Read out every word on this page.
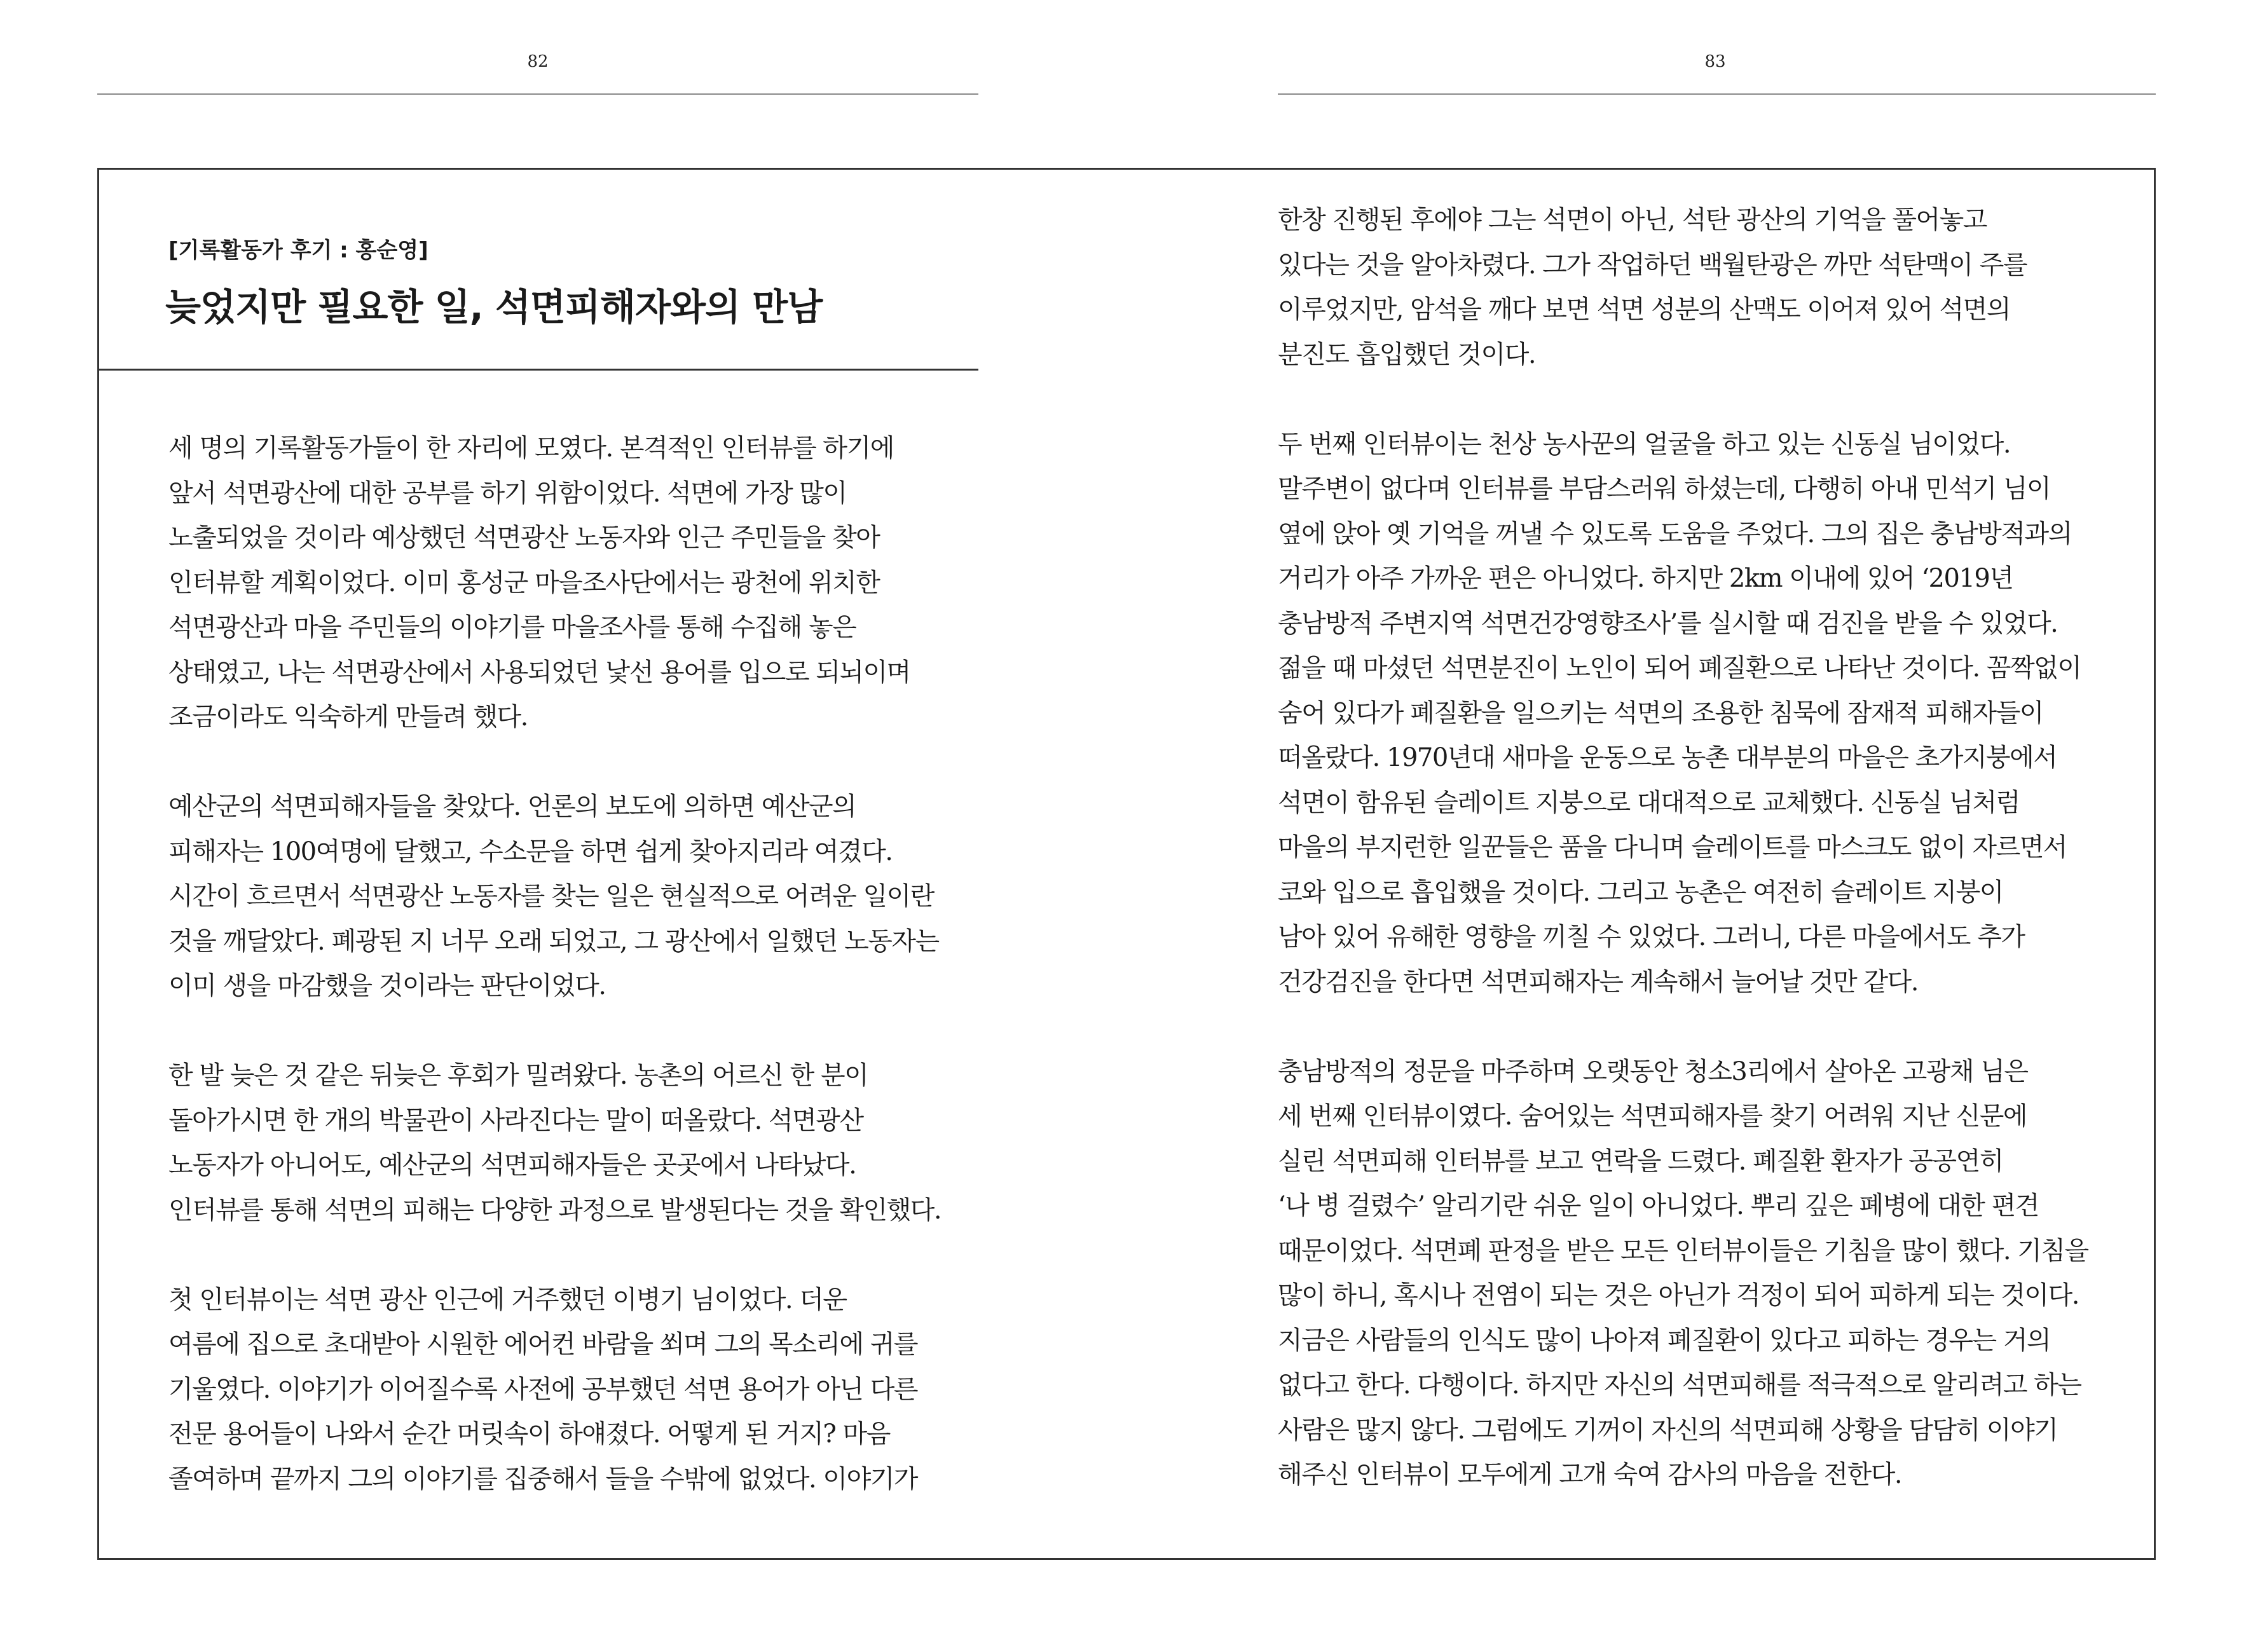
82	83
[기록활동가 후기 : 홍순영]
늦었지만 필요한 일, 석면피해자와의 만남

세 명의 기록활동가들이 한 자리에 모였다. 본격적인 인터뷰를 하기에
앞서 석면광산에 대한 공부를 하기 위함이었다. 석면에 가장 많이
노출되었을 것이라 예상했던 석면광산 노동자와 인근 주민들을 찾아
인터뷰할 계획이었다. 이미 홍성군 마을조사단에서는 광천에 위치한
석면광산과 마을 주민들의 이야기를 마을조사를 통해 수집해 놓은
상태였고, 나는 석면광산에서 사용되었던 낯선 용어를 입으로 되뇌이며
조금이라도 익숙하게 만들려 했다.

예산군의 석면피해자들을 찾았다. 언론의 보도에 의하면 예산군의
피해자는 100여명에 달했고, 수소문을 하면 쉽게 찾아지리라 여겼다.
시간이 흐르면서 석면광산 노동자를 찾는 일은 현실적으로 어려운 일이란
것을 깨달았다. 폐광된 지 너무 오래 되었고, 그 광산에서 일했던 노동자는
이미 생을 마감했을 것이라는 판단이었다.

한 발 늦은 것 같은 뒤늦은 후회가 밀려왔다. 농촌의 어르신 한 분이
돌아가시면 한 개의 박물관이 사라진다는 말이 떠올랐다. 석면광산
노동자가 아니어도, 예산군의 석면피해자들은 곳곳에서 나타났다.
인터뷰를 통해 석면의 피해는 다양한 과정으로 발생된다는 것을 확인했다.

첫 인터뷰이는 석면 광산 인근에 거주했던 이병기 님이었다. 더운
여름에 집으로 초대받아 시원한 에어컨 바람을 쐬며 그의 목소리에 귀를
기울였다. 이야기가 이어질수록 사전에 공부했던 석면 용어가 아닌 다른
전문 용어들이 나와서 순간 머릿속이 하얘졌다. 어떻게 된 거지? 마음
졸여하며 끝까지 그의 이야기를 집중해서 들을 수밖에 없었다. 이야기가

한창 진행된 후에야 그는 석면이 아닌, 석탄 광산의 기억을 풀어놓고
있다는 것을 알아차렸다. 그가 작업하던 백월탄광은 까만 석탄맥이 주를
이루었지만, 암석을 깨다 보면 석면 성분의 산맥도 이어져 있어 석면의
분진도 흡입했던 것이다.

두 번째 인터뷰이는 천상 농사꾼의 얼굴을 하고 있는 신동실 님이었다.
말주변이 없다며 인터뷰를 부담스러워 하셨는데, 다행히 아내 민석기 님이
옆에 앉아 옛 기억을 꺼낼 수 있도록 도움을 주었다. 그의 집은 충남방적과의
거리가 아주 가까운 편은 아니었다. 하지만 2km 이내에 있어 ‘2019년
충남방적 주변지역 석면건강영향조사’를 실시할 때 검진을 받을 수 있었다.
젊을 때 마셨던 석면분진이 노인이 되어 폐질환으로 나타난 것이다. 꼼짝없이
숨어 있다가 폐질환을 일으키는 석면의 조용한 침묵에 잠재적 피해자들이
떠올랐다. 1970년대 새마을 운동으로 농촌 대부분의 마을은 초가지붕에서
석면이 함유된 슬레이트 지붕으로 대대적으로 교체했다. 신동실 님처럼
마을의 부지런한 일꾼들은 품을 다니며 슬레이트를 마스크도 없이 자르면서
코와 입으로 흡입했을 것이다. 그리고 농촌은 여전히 슬레이트 지붕이
남아 있어 유해한 영향을 끼칠 수 있었다. 그러니, 다른 마을에서도 추가
건강검진을 한다면 석면피해자는 계속해서 늘어날 것만 같다.

충남방적의 정문을 마주하며 오랫동안 청소3리에서 살아온 고광채 님은
세 번째 인터뷰이였다. 숨어있는 석면피해자를 찾기 어려워 지난 신문에
실린 석면피해 인터뷰를 보고 연락을 드렸다. 폐질환 환자가 공공연히
‘나 병 걸렸수’ 알리기란 쉬운 일이 아니었다. 뿌리 깊은 폐병에 대한 편견
때문이었다. 석면폐 판정을 받은 모든 인터뷰이들은 기침을 많이 했다. 기침을
많이 하니, 혹시나 전염이 되는 것은 아닌가 걱정이 되어 피하게 되는 것이다.
지금은 사람들의 인식도 많이 나아져 폐질환이 있다고 피하는 경우는 거의
없다고 한다. 다행이다. 하지만 자신의 석면피해를 적극적으로 알리려고 하는
사람은 많지 않다. 그럼에도 기꺼이 자신의 석면피해 상황을 담담히 이야기
해주신 인터뷰이 모두에게 고개 숙여 감사의 마음을 전한다.
